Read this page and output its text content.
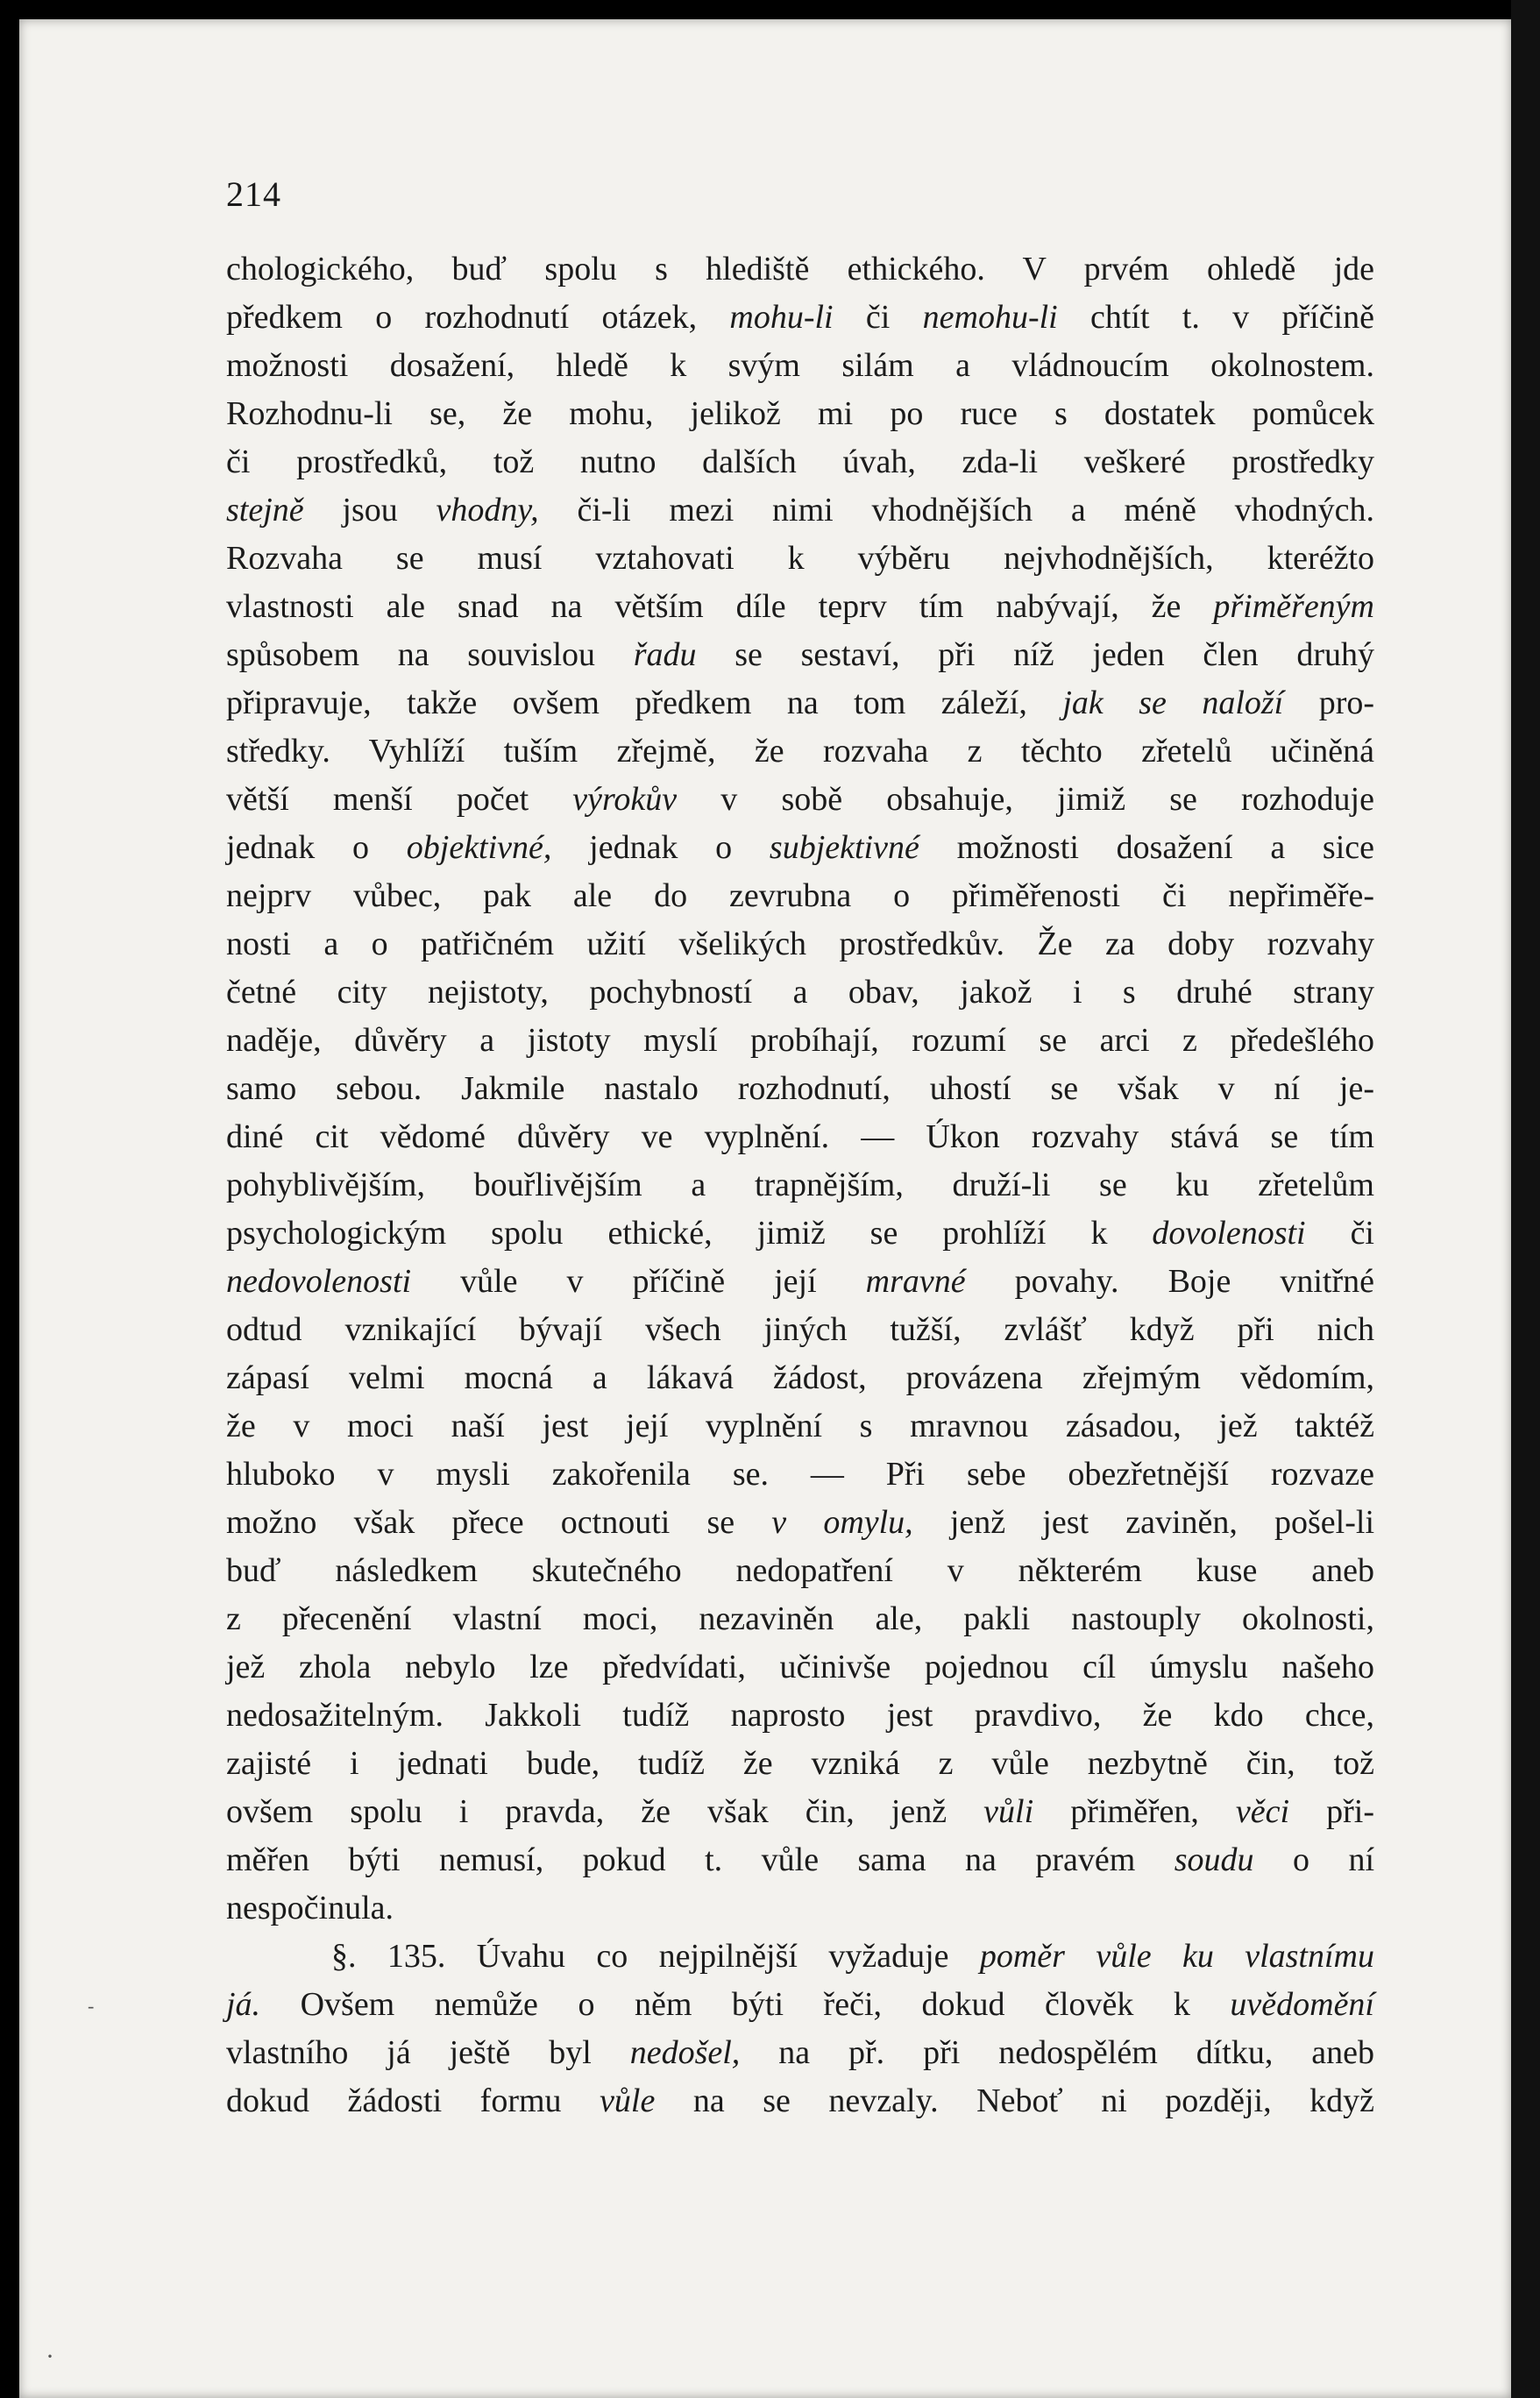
214
chologického, buď spolu s hlediště ethického. V prvém ohledě jde
předkem o rozhodnutí otázek, mohu-li či nemohu-li chtít t. v příčině
možnosti dosažení, hledě k svým silám a vládnoucím okolnostem.
Rozhodnu-li se, že mohu, jelikož mi po ruce s dostatek pomůcek
či prostředků, tož nutno dalších úvah, zda-li veškeré prostředky
stejně jsou vhodny, či-li mezi nimi vhodnějších a méně vhodných.
Rozvaha se musí vztahovati k výběru nejvhodnějších, kteréžto
vlastnosti ale snad na větším díle teprv tím nabývají, že přiměřeným
spůsobem na souvislou řadu se sestaví, při níž jeden člen druhý
připravuje, takže ovšem předkem na tom záleží, jak se naloží pro-
středky. Vyhlíží tuším zřejmě, že rozvaha z těchto zřetelů učiněná
větší menší počet výrokův v sobě obsahuje, jimiž se rozhoduje
jednak o objektivné, jednak o subjektivné možnosti dosažení a sice
nejprv vůbec, pak ale do zevrubna o přiměřenosti či nepřiměře-
nosti a o patřičném užití všelikých prostředkův. Že za doby rozvahy
četné city nejistoty, pochybností a obav, jakož i s druhé strany
naděje, důvěry a jistoty myslí probíhají, rozumí se arci z předešlého
samo sebou. Jakmile nastalo rozhodnutí, uhostí se však v ní je-
diné cit vědomé důvěry ve vyplnění. — Úkon rozvahy stává se tím
pohyblivějším, bouřlivějším a trapnějším, druží-li se ku zřetelům
psychologickým spolu ethické, jimiž se prohlíží k dovolenosti či
nedovolenosti vůle v příčině její mravné povahy. Boje vnitřné
odtud vznikající bývají všech jiných tužší, zvlášť když při nich
zápasí velmi mocná a lákavá žádost, provázena zřejmým vědomím,
že v moci naší jest její vyplnění s mravnou zásadou, jež taktéž
hluboko v mysli zakořenila se. — Při sebe obezřetnější rozvaze
možno však přece octnouti se v omylu, jenž jest zaviněn, pošel-li
buď následkem skutečného nedopatření v některém kuse aneb
z přecenění vlastní moci, nezaviněn ale, pakli nastouply okolnosti,
jež zhola nebylo lze předvídati, učinivše pojednou cíl úmyslu našeho
nedosažitelným. Jakkoli tudíž naprosto jest pravdivo, že kdo chce,
zajisté i jednati bude, tudíž že vzniká z vůle nezbytně čin, tož
ovšem spolu i pravda, že však čin, jenž vůli přiměřen, věci při-
měřen býti nemusí, pokud t. vůle sama na pravém soudu o ní
nespočinula.
§. 135. Úvahu co nejpilnější vyžaduje poměr vůle ku vlastnímu
já. Ovšem nemůže o něm býti řeči, dokud člověk k uvědomění
vlastního já ještě byl nedošel, na př. při nedospělém dítku, aneb
dokud žádosti formu vůle na se nevzaly. Neboť ni později, když
·
-
